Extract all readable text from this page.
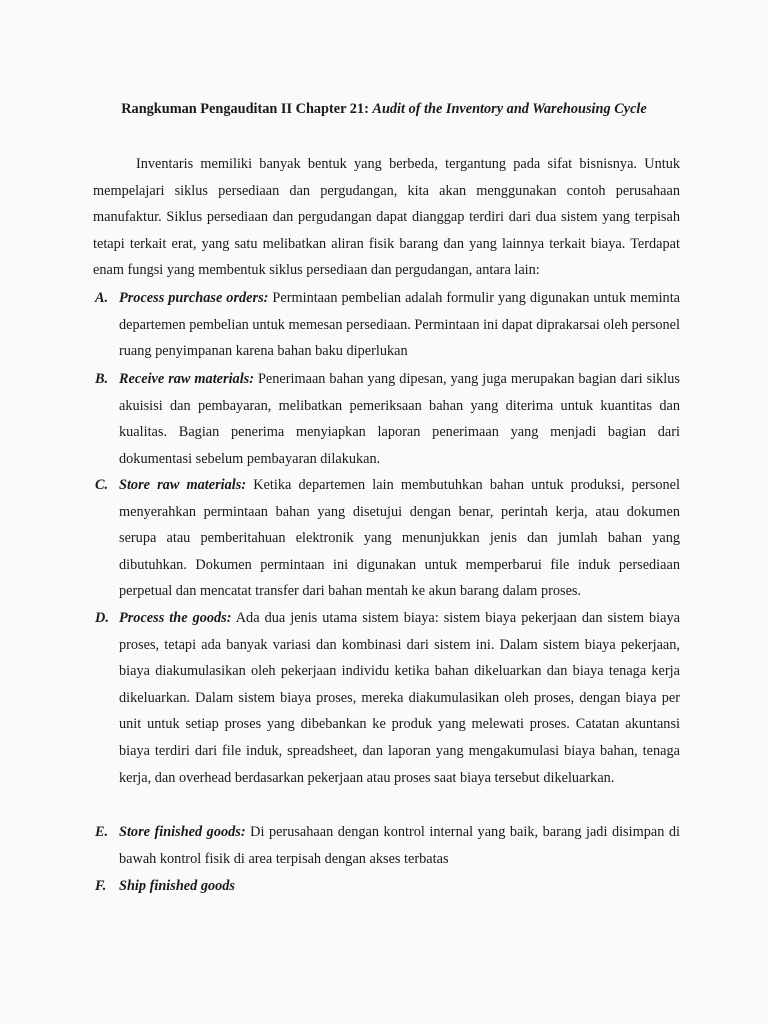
Rangkuman Pengauditan II Chapter 21: Audit of the Inventory and Warehousing Cycle

Inventaris memiliki banyak bentuk yang berbeda, tergantung pada sifat bisnisnya. Untuk mempelajari siklus persediaan dan pergudangan, kita akan menggunakan contoh perusahaan manufaktur. Siklus persediaan dan pergudangan dapat dianggap terdiri dari dua sistem yang terpisah tetapi terkait erat, yang satu melibatkan aliran fisik barang dan yang lainnya terkait biaya. Terdapat enam fungsi yang membentuk siklus persediaan dan pergudangan, antara lain:

A. Process purchase orders: Permintaan pembelian adalah formulir yang digunakan untuk meminta departemen pembelian untuk memesan persediaan. Permintaan ini dapat diprakarsai oleh personel ruang penyimpanan karena bahan baku diperlukan
B. Receive raw materials: Penerimaan bahan yang dipesan, yang juga merupakan bagian dari siklus akuisisi dan pembayaran, melibatkan pemeriksaan bahan yang diterima untuk kuantitas dan kualitas. Bagian penerima menyiapkan laporan penerimaan yang menjadi bagian dari dokumentasi sebelum pembayaran dilakukan.
C. Store raw materials: Ketika departemen lain membutuhkan bahan untuk produksi, personel menyerahkan permintaan bahan yang disetujui dengan benar, perintah kerja, atau dokumen serupa atau pemberitahuan elektronik yang menunjukkan jenis dan jumlah bahan yang dibutuhkan. Dokumen permintaan ini digunakan untuk memperbarui file induk persediaan perpetual dan mencatat transfer dari bahan mentah ke akun barang dalam proses.
D. Process the goods: Ada dua jenis utama sistem biaya: sistem biaya pekerjaan dan sistem biaya proses, tetapi ada banyak variasi dan kombinasi dari sistem ini. Dalam sistem biaya pekerjaan, biaya diakumulasikan oleh pekerjaan individu ketika bahan dikeluarkan dan biaya tenaga kerja dikeluarkan. Dalam sistem biaya proses, mereka diakumulasikan oleh proses, dengan biaya per unit untuk setiap proses yang dibebankan ke produk yang melewati proses. Catatan akuntansi biaya terdiri dari file induk, spreadsheet, dan laporan yang mengakumulasi biaya bahan, tenaga kerja, dan overhead berdasarkan pekerjaan atau proses saat biaya tersebut dikeluarkan.
E. Store finished goods: Di perusahaan dengan kontrol internal yang baik, barang jadi disimpan di bawah kontrol fisik di area terpisah dengan akses terbatas
F. Ship finished goods
